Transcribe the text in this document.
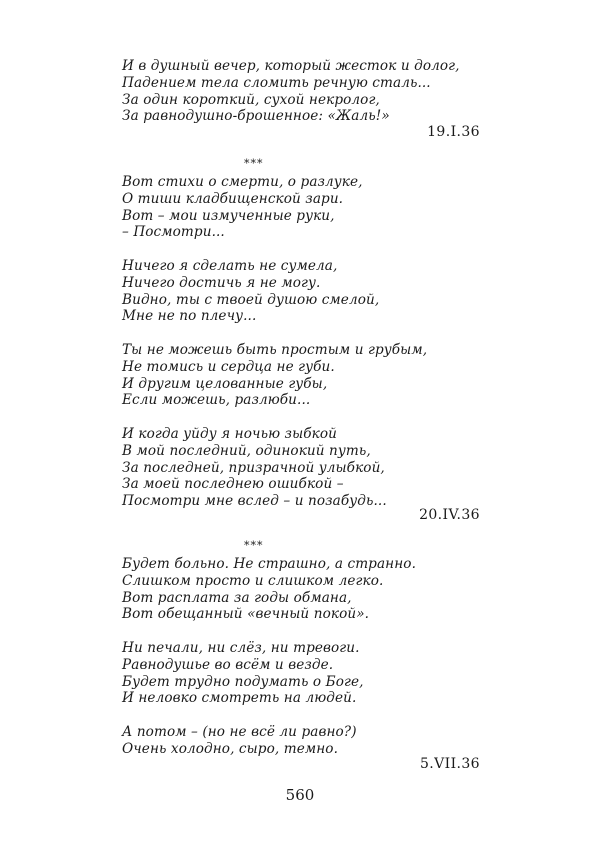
И в душный вечер, который жесток и долог,
Падением тела сломить речную сталь...
За один короткий, сухой некролог,
За равнодушно-брошенное: «Жаль!»
19.I.36
***
Вот стихи о смерти, о разлуке,
О тиши кладбищенской зари.
Вот – мои измученные руки,
– Посмотри...
Ничего я сделать не сумела,
Ничего достичь я не могу.
Видно, ты с твоей душою смелой,
Мне не по плечу...
Ты не можешь быть простым и грубым,
Не томись и сердца не губи.
И другим целованные губы,
Если можешь, разлюби...
И когда уйду я ночью зыбкой
В мой последний, одинокий путь,
За последней, призрачной улыбкой,
За моей последнею ошибкой –
Посмотри мне вслед – и позабудь...
20.IV.36
***
Будет больно. Не страшно, а странно.
Слишком просто и слишком легко.
Вот расплата за годы обмана,
Вот обещанный «вечный покой».
Ни печали, ни слёз, ни тревоги.
Равнодушье во всём и везде.
Будет трудно подумать о Боге,
И неловко смотреть на людей.
А потом – (но не всё ли равно?)
Очень холодно, сыро, темно.
5.VII.36
560
